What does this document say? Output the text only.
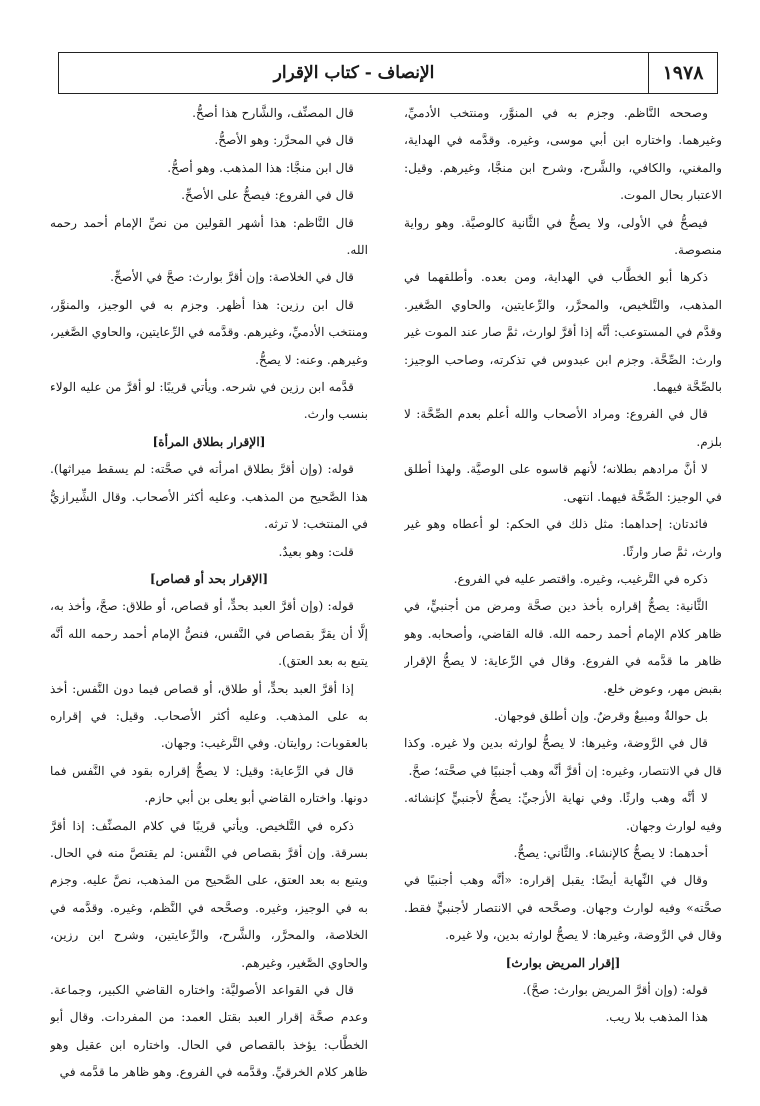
١٩٧٨
الإنصاف - كتاب الإقرار

وصححه النَّاظم. وجزم به في المنوَّر، ومنتخب الأدميِّ، وغيرهما. واختاره ابن أبي موسى، وغيره. وقدَّمه في الهداية، والمغني، والكافي، والشَّرح، وشرح ابن منجَّا، وغيرهم. وقيل: الاعتبار بحال الموت.

فيصحُّ في الأولى، ولا يصحُّ في الثَّانية كالوصيَّة. وهو رواية منصوصة.

ذكرها أبو الخطَّاب في الهداية، ومن بعده. وأطلقهما في المذهب، والتَّلخيص، والمحرَّر، والرِّعايتين، والحاوي الصَّغير. وقدَّم في المستوعب: أنَّه إذا أقرَّ لوارث، ثمَّ صار عند الموت غير وارث: الصِّحَّة. وجزم ابن عبدوس في تذكرته، وصاحب الوجيز: بالصِّحَّة فيهما.

قال في الفروع: ومراد الأصحاب والله أعلم بعدم الصِّحَّة: لا بلزم.

لا أنَّ مرادهم بطلانه؛ لأنهم قاسوه على الوصيَّة. ولهذا أطلق في الوجيز: الصِّحَّة فيهما. انتهى.

فائدتان: إحداهما: مثل ذلك في الحكم: لو أعطاه وهو غير وارث، ثمَّ صار وارثًا.

ذكره في التَّرغيب، وغيره. واقتصر عليه في الفروع.

الثَّانية: يصحُّ إقراره بأخذ دين صحَّة ومرض من أجنبيٍّ، في ظاهر كلام الإمام أحمد رحمه الله. قاله القاضي، وأصحابه. وهو ظاهر ما قدَّمه في الفروع. وقال في الرِّعاية: لا يصحُّ الإقرار بقبض مهر، وعوض خلع.

بل حوالةٌ ومبيعٌ وقرضٌ. وإن أطلق فوجهان.

قال في الرَّوضة، وغيرها: لا يصحُّ لوارثه بدين ولا غيره. وكذا قال في الانتصار، وغيره: إن أقرَّ أنَّه وهب أجنبيًا في صحَّته؛ صحَّ.

لا أنَّه وهب وارثًا. وفي نهاية الأزجيِّ: يصحُّ لأجنبيٍّ كإنشائه. وفيه لوارث وجهان.

أحدهما: لا يصحُّ كالإنشاء. والثَّاني: يصحُّ.

وقال في النِّهاية أيضًا: يقبل إقراره: «أنَّه وهب أجنبيًا في صحَّته» وفيه لوارث وجهان. وصحَّحه في الانتصار لأجنبيٍّ فقط. وقال في الرَّوضة، وغيرها: لا يصحُّ لوارثه بدين، ولا غيره.

[إقرار المريض بوارث]

قوله: (وإن أقرَّ المريض بوارث: صحَّ).

هذا المذهب بلا ريب.

قال المصنِّف، والشَّارح هذا أصحُّ.

قال في المحرَّر: وهو الأصحُّ.

قال ابن منجَّا: هذا المذهب. وهو أصحُّ.

قال في الفروع: فيصحُّ على الأصحِّ.

قال النَّاظم: هذا أشهر القولين من نصِّ الإمام أحمد رحمه الله.

قال في الخلاصة: وإن أقرَّ بوارث: صحَّ في الأصحِّ.

قال ابن رزين: هذا أظهر. وجزم به في الوجيز، والمنوَّر، ومنتخب الأدميِّ، وغيرهم. وقدَّمه في الرِّعايتين، والحاوي الصَّغير، وغيرهم. وعنه: لا يصحُّ.

قدَّمه ابن رزين في شرحه. ويأتي قريبًا: لو أقرَّ من عليه الولاء بنسب وارث.

[الإقرار بطلاق المرأة]

قوله: (وإن أقرَّ بطلاق امرأته في صحَّته: لم يسقط ميراثها). هذا الصَّحيح من المذهب. وعليه أكثر الأصحاب. وقال الشِّيرازيُّ في المنتخب: لا ترثه.

قلت: وهو بعيدٌ.

[الإقرار بحد أو قصاص]

قوله: (وإن أقرَّ العبد بحدٍّ، أو قصاص، أو طلاق: صحَّ، وأخذ به، إلَّا أن يقرَّ بقصاص في النَّفس، فنصُّ الإمام أحمد رحمه الله أنَّه يتبع به بعد العتق).

إذا أقرَّ العبد بحدٍّ، أو طلاق، أو قصاص فيما دون النَّفس: أخذ به على المذهب. وعليه أكثر الأصحاب. وقيل: في إقراره بالعقوبات: روايتان. وفي التَّرغيب: وجهان.

قال في الرِّعاية: وقيل: لا يصحُّ إقراره بقود في النَّفس فما دونها. واختاره القاضي أبو يعلى بن أبي حازم.

ذكره في التَّلخيص. ويأتي قريبًا في كلام المصنِّف: إذا أقرَّ بسرقة. وإن أقرَّ بقصاص في النَّفس: لم يقتصَّ منه في الحال. ويتبع به بعد العتق، على الصَّحيح من المذهب، نصَّ عليه. وجزم به في الوجيز، وغيره. وصحَّحه في النَّظم، وغيره. وقدَّمه في الخلاصة، والمحرَّر، والشَّرح، والرِّعايتين، وشرح ابن رزين، والحاوي الصَّغير، وغيرهم.

قال في القواعد الأصوليَّة: واختاره القاضي الكبير، وجماعة. وعدم صحَّة إقرار العبد بقتل العمد: من المفردات. وقال أبو الخطَّاب: يؤخذ بالقصاص في الحال. واختاره ابن عقيل وهو ظاهر كلام الخرقيِّ. وقدَّمه في الفروع. وهو ظاهر ما قدَّمه في
